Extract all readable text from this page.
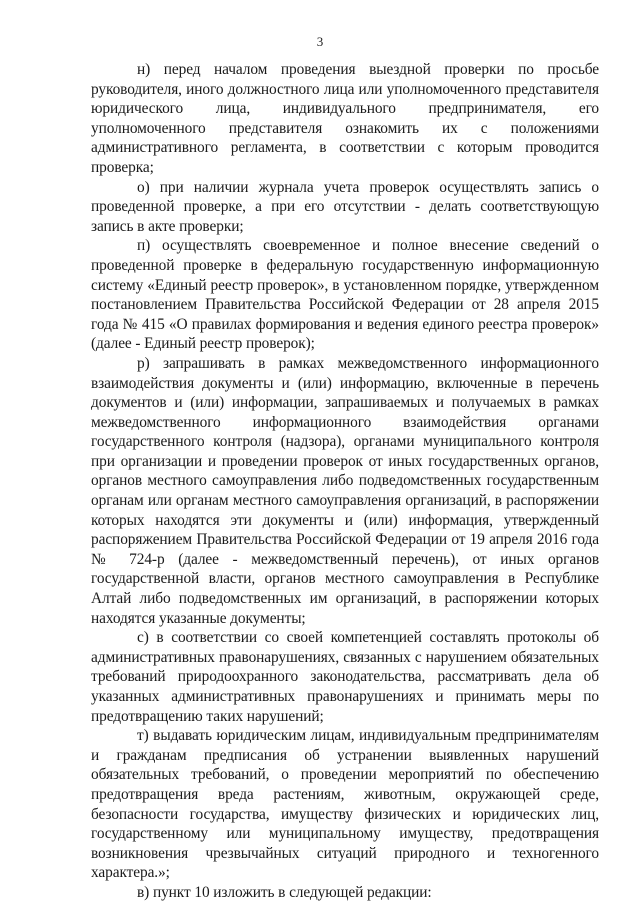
3

н) перед началом проведения выездной проверки по просьбе руководителя, иного должностного лица или уполномоченного представителя юридического лица, индивидуального предпринимателя, его уполномоченного представителя ознакомить их с положениями административного регламента, в соответствии с которым проводится проверка;

о) при наличии журнала учета проверок осуществлять запись о проведенной проверке, а при его отсутствии - делать соответствующую запись в акте проверки;

п) осуществлять своевременное и полное внесение сведений о проведенной проверке в федеральную государственную информационную систему «Единый реестр проверок», в установленном порядке, утвержденном постановлением Правительства Российской Федерации от 28 апреля 2015 года № 415 «О правилах формирования и ведения единого реестра проверок» (далее - Единый реестр проверок);

р) запрашивать в рамках межведомственного информационного взаимодействия документы и (или) информацию, включенные в перечень документов и (или) информации, запрашиваемых и получаемых в рамках межведомственного информационного взаимодействия органами государственного контроля (надзора), органами муниципального контроля при организации и проведении проверок от иных государственных органов, органов местного самоуправления либо подведомственных государственным органам или органам местного самоуправления организаций, в распоряжении которых находятся эти документы и (или) информация, утвержденный распоряжением Правительства Российской Федерации от 19 апреля 2016 года № 724-р (далее - межведомственный перечень), от иных органов государственной власти, органов местного самоуправления в Республике Алтай либо подведомственных им организаций, в распоряжении которых находятся указанные документы;

с) в соответствии со своей компетенцией составлять протоколы об административных правонарушениях, связанных с нарушением обязательных требований природоохранного законодательства, рассматривать дела об указанных административных правонарушениях и принимать меры по предотвращению таких нарушений;

т) выдавать юридическим лицам, индивидуальным предпринимателям и гражданам предписания об устранении выявленных нарушений обязательных требований, о проведении мероприятий по обеспечению предотвращения вреда растениям, животным, окружающей среде, безопасности государства, имуществу физических и юридических лиц, государственному или муниципальному имуществу, предотвращения возникновения чрезвычайных ситуаций природного и техногенного характера.»;

в) пункт 10 изложить в следующей редакции:
